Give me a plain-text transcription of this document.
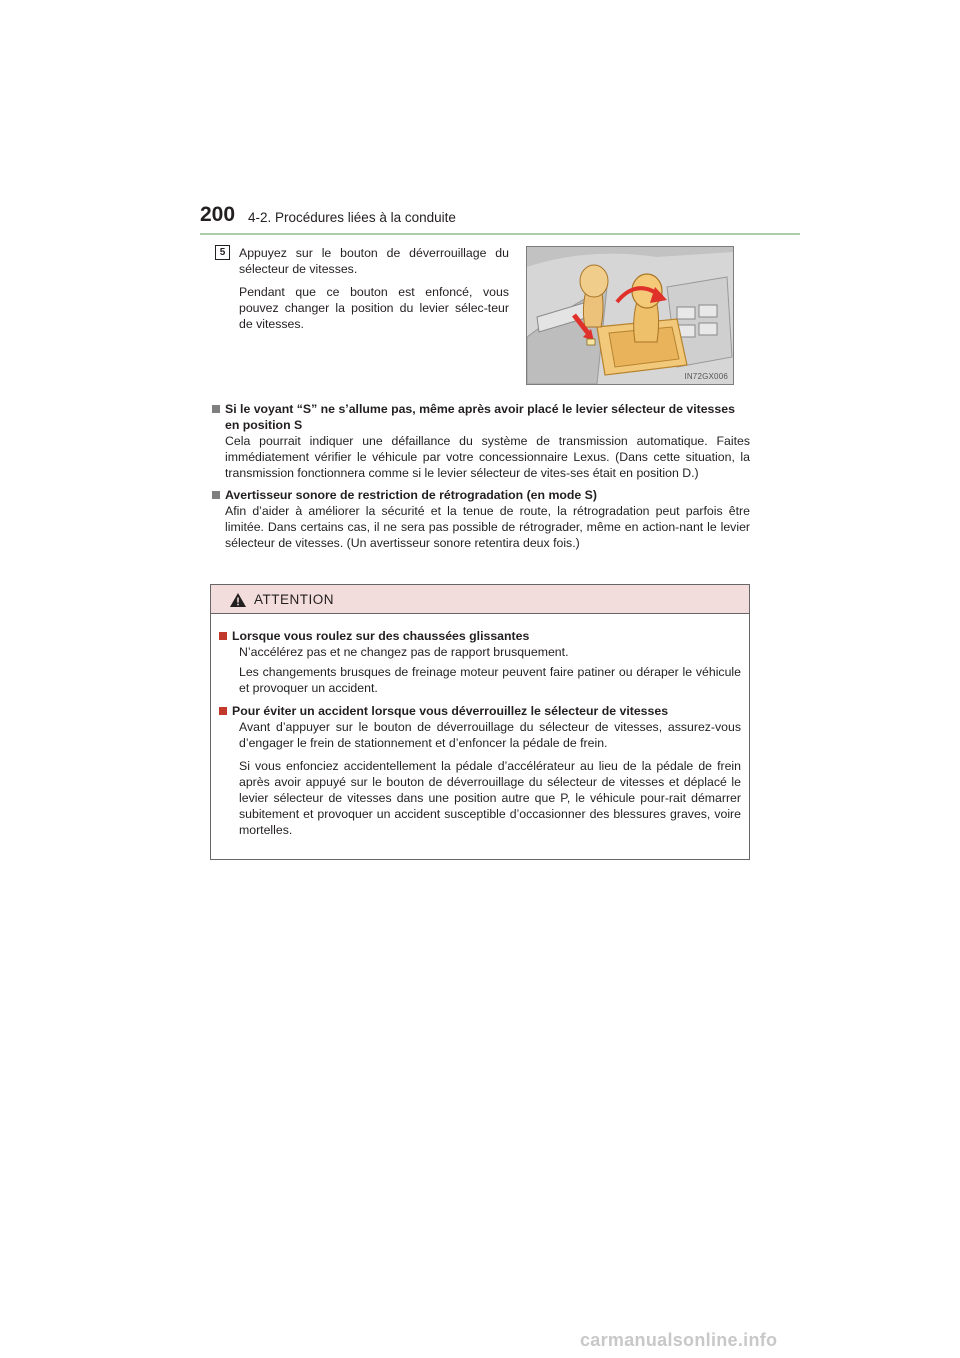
200 4-2. Procédures liées à la conduite
5	Appuyez sur le bouton de déverrouillage du sélecteur de vitesses.

Pendant que ce bouton est enfoncé, vous pouvez changer la position du levier sélec-teur de vitesses.

IN72GX006
Si le voyant “S” ne s’allume pas, même après avoir placé le levier sélecteur de vitesses en position S
Cela pourrait indiquer une défaillance du système de transmission automatique. Faites immédiatement vérifier le véhicule par votre concessionnaire Lexus. (Dans cette situation, la transmission fonctionnera comme si le levier sélecteur de vites-ses était en position D.)
Avertisseur sonore de restriction de rétrogradation (en mode S)
Afin d’aider à améliorer la sécurité et la tenue de route, la rétrogradation peut parfois être limitée. Dans certains cas, il ne sera pas possible de rétrograder, même en action-nant le levier sélecteur de vitesses. (Un avertisseur sonore retentira deux fois.)
ATTENTION
Lorsque vous roulez sur des chaussées glissantes

N’accélérez pas et ne changez pas de rapport brusquement.

Les changements brusques de freinage moteur peuvent faire patiner ou déraper le véhicule et provoquer un accident.

Pour éviter un accident lorsque vous déverrouillez le sélecteur de vitesses

Avant d’appuyer sur le bouton de déverrouillage du sélecteur de vitesses, assurez-vous d’engager le frein de stationnement et d’enfoncer la pédale de frein.

Si vous enfonciez accidentellement la pédale d’accélérateur au lieu de la pédale de frein après avoir appuyé sur le bouton de déverrouillage du sélecteur de vitesses et déplacé le levier sélecteur de vitesses dans une position autre que P, le véhicule pour-rait démarrer subitement et provoquer un accident susceptible d’occasionner des blessures graves, voire mortelles.

carmanualsonline.info
